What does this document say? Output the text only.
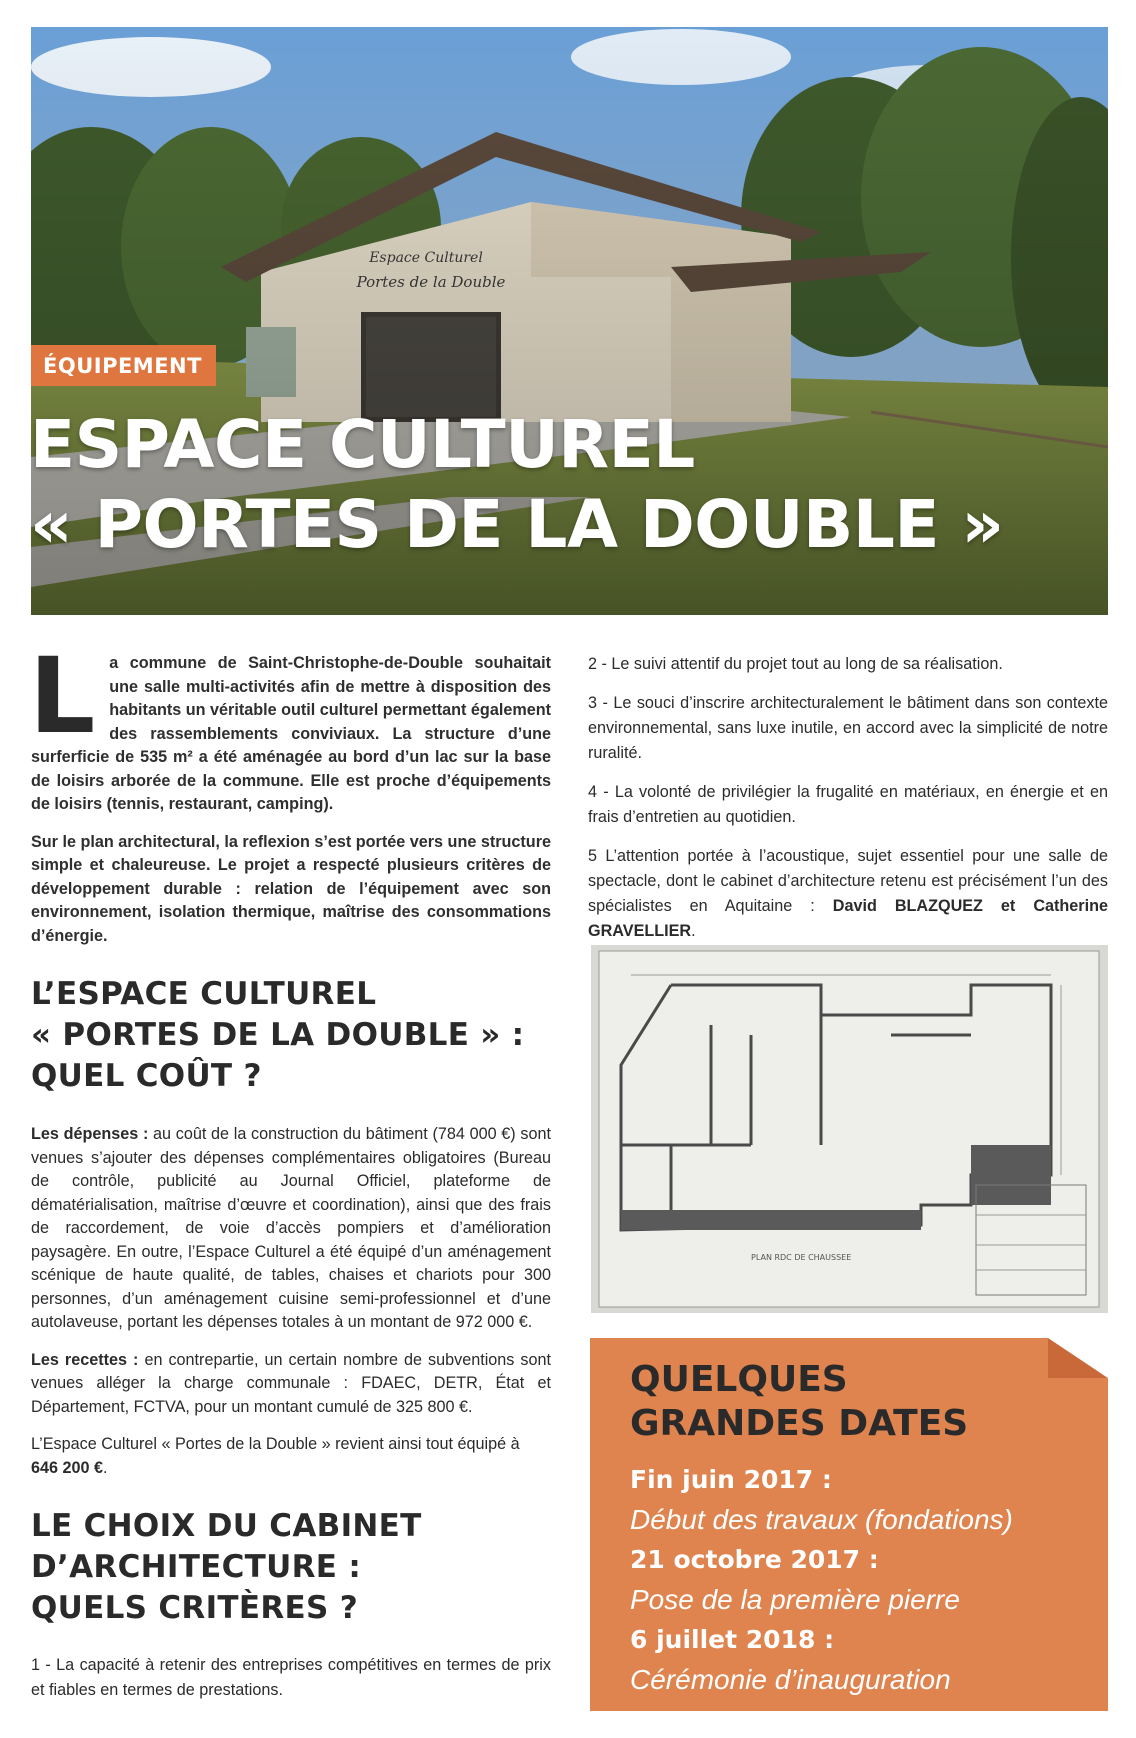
ÉQUIPEMENT
ESPACE CULTUREL
« PORTES DE LA DOUBLE »

La commune de Saint-Christophe-de-Double souhaitait une salle multi-activités afin de mettre à disposition des habitants un véritable outil culturel permettant également des rassemblements conviviaux. La structure d’une surferficie de 535 m² a été aménagée au bord d’un lac sur la base de loisirs arborée de la commune. Elle est proche d’équipements de loisirs (tennis, restaurant, camping).

Sur le plan architectural, la reflexion s’est portée vers une structure simple et chaleureuse. Le projet a respecté plusieurs critères de développement durable : relation de l’équipement avec son environnement, isolation thermique, maîtrise des consommations d’énergie.

L’ESPACE CULTUREL
« PORTES DE LA DOUBLE » :
QUEL COÛT ?

Les dépenses : au coût de la construction du bâtiment (784 000 €) sont venues s’ajouter des dépenses complémentaires obligatoires (Bureau de contrôle, publicité au Journal Officiel, plateforme de dématérialisation, maîtrise d’œuvre et coordination), ainsi que des frais de raccordement, de voie d’accès pompiers et d’amélioration paysagère. En outre, l’Espace Culturel a été équipé d’un aménagement scénique de haute qualité, de tables, chaises et chariots pour 300 personnes, d’un aménagement cuisine semi-professionnel et d’une autolaveuse, portant les dépenses totales à un montant de 972 000 €.

Les recettes : en contrepartie, un certain nombre de subventions sont venues alléger la charge communale : FDAEC, DETR, État et Département, FCTVA, pour un montant cumulé de 325 800 €.

L’Espace Culturel « Portes de la Double » revient ainsi tout équipé à 646 200 €.

LE CHOIX DU CABINET
D’ARCHITECTURE :
QUELS CRITÈRES ?

1 - La capacité à retenir des entreprises compétitives en termes de prix et fiables en termes de prestations.

2 - Le suivi attentif du projet tout au long de sa réalisation.

3 - Le souci d’inscrire architecturalement le bâtiment dans son contexte environnemental, sans luxe inutile, en accord avec la simplicité de notre ruralité.

4 - La volonté de privilégier la frugalité en matériaux, en énergie et en frais d’entretien au quotidien.

5 L’attention portée à l’acoustique, sujet essentiel pour une salle de spectacle, dont le cabinet d’architecture retenu est précisément l’un des spécialistes en Aquitaine : David BLAZQUEZ et Catherine GRAVELLIER.

PLAN RDC DE CHAUSSEE
QUELQUES
GRANDES DATES
Fin juin 2017 :
Début des travaux (fondations)
21 octobre 2017 :
Pose de la première pierre
6 juillet 2018 :
Cérémonie d’inauguration
